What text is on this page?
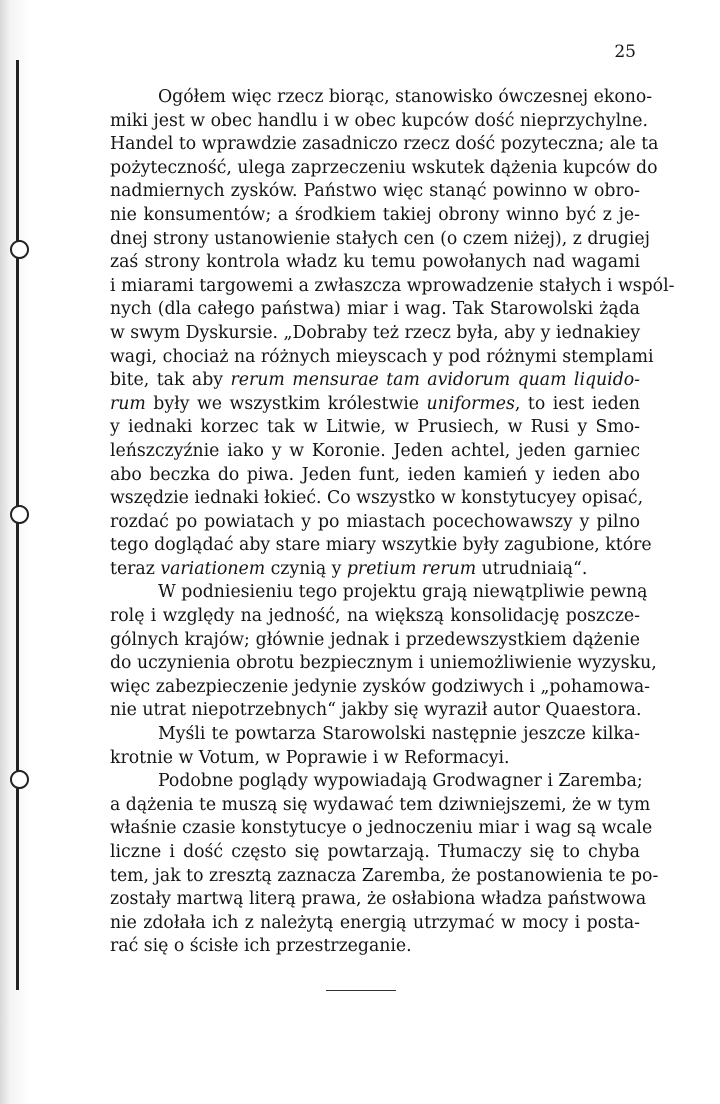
25
Ogółem więc rzecz biorąc, stanowisko ówczesnej ekono-
miki jest w obec handlu i w obec kupców dość nieprzychylne.
Handel to wprawdzie zasadniczo rzecz dość pozyteczna; ale ta
pożyteczność, ulega zaprzeczeniu wskutek dążenia kupców do
nadmiernych zysków. Państwo więc stanąć powinno w obro-
nie konsumentów; a środkiem takiej obrony winno być z je-
dnej strony ustanowienie stałych cen (o czem niżej), z drugiej
zaś strony kontrola władz ku temu powołanych nad wagami
i miarami targowemi a zwłaszcza wprowadzenie stałych i wspól-
nych (dla całego państwa) miar i wag. Tak Starowolski żąda
w swym Dyskursie. „Dobraby też rzecz była, aby y iednakiey
wagi, chociaż na różnych mieyscach y pod różnymi stemplami
bite, tak aby rerum mensurae tam avidorum quam liquido-
rum były we wszystkim królestwie uniformes, to iest ieden
y iednaki korzec tak w Litwie, w Prusiech, w Rusi y Smo-
leńszczyźnie iako y w Koronie. Jeden achtel, jeden garniec
abo beczka do piwa. Jeden funt, ieden kamień y ieden abo
wszędzie iednaki łokieć. Co wszystko w konstytucyey opisać,
rozdać po powiatach y po miastach pocechowawszy y pilno
tego doglądać aby stare miary wszytkie były zagubione, które
teraz variationem czynią y pretium rerum utrudniaią“.
W podniesieniu tego projektu grają niewątpliwie pewną
rolę i względy na jedność, na większą konsolidację poszcze-
gólnych krajów; głównie jednak i przedewszystkiem dążenie
do uczynienia obrotu bezpiecznym i uniemożliwienie wyzysku,
więc zabezpieczenie jedynie zysków godziwych i „pohamowa-
nie utrat niepotrzebnych“ jakby się wyraził autor Quaestora.
Myśli te powtarza Starowolski następnie jeszcze kilka-
krotnie w Votum, w Poprawie i w Reformacyi.
Podobne poglądy wypowiadają Grodwagner i Zaremba;
a dążenia te muszą się wydawać tem dziwniejszemi, że w tym
właśnie czasie konstytucye o jednoczeniu miar i wag są wcale
liczne i dość często się powtarzają. Tłumaczy się to chyba
tem, jak to zresztą zaznacza Zaremba, że postanowienia te po-
zostały martwą literą prawa, że osłabiona władza państwowa
nie zdołała ich z należytą energią utrzymać w mocy i posta-
rać się o ścisłe ich przestrzeganie.
